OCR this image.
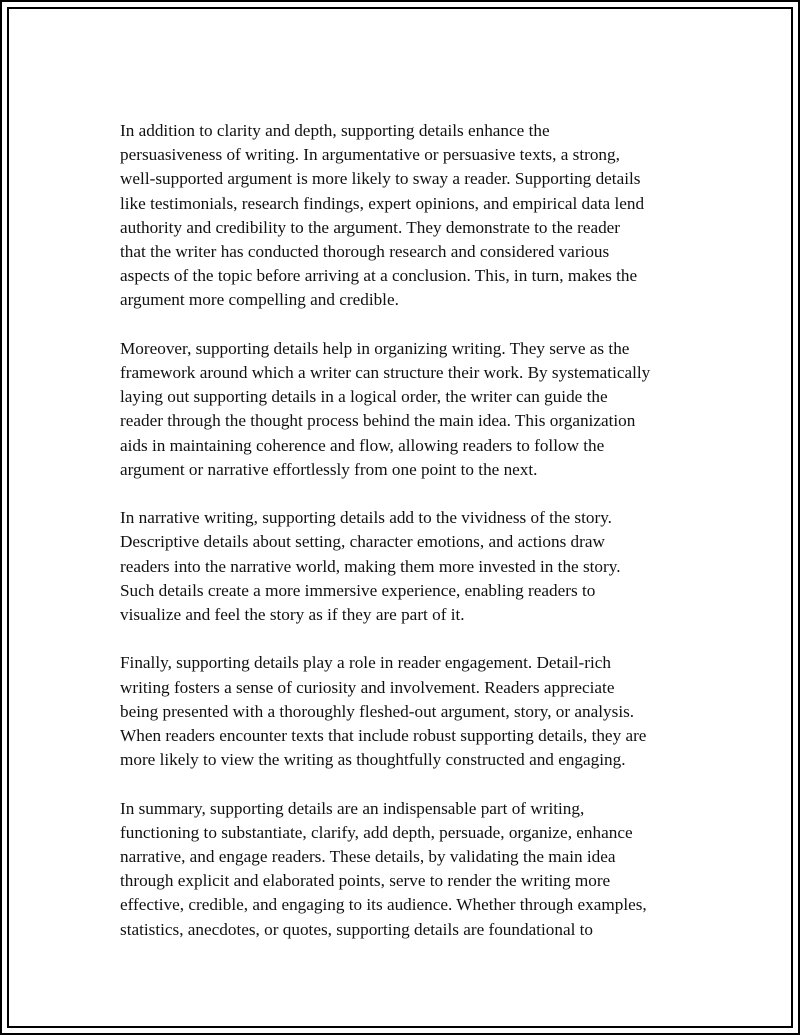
In addition to clarity and depth, supporting details enhance the
persuasiveness of writing. In argumentative or persuasive texts, a strong,
well-supported argument is more likely to sway a reader. Supporting details
like testimonials, research findings, expert opinions, and empirical data lend
authority and credibility to the argument. They demonstrate to the reader
that the writer has conducted thorough research and considered various
aspects of the topic before arriving at a conclusion. This, in turn, makes the
argument more compelling and credible.

Moreover, supporting details help in organizing writing. They serve as the
framework around which a writer can structure their work. By systematically
laying out supporting details in a logical order, the writer can guide the
reader through the thought process behind the main idea. This organization
aids in maintaining coherence and flow, allowing readers to follow the
argument or narrative effortlessly from one point to the next.

In narrative writing, supporting details add to the vividness of the story.
Descriptive details about setting, character emotions, and actions draw
readers into the narrative world, making them more invested in the story.
Such details create a more immersive experience, enabling readers to
visualize and feel the story as if they are part of it.

Finally, supporting details play a role in reader engagement. Detail-rich
writing fosters a sense of curiosity and involvement. Readers appreciate
being presented with a thoroughly fleshed-out argument, story, or analysis.
When readers encounter texts that include robust supporting details, they are
more likely to view the writing as thoughtfully constructed and engaging.

In summary, supporting details are an indispensable part of writing,
functioning to substantiate, clarify, add depth, persuade, organize, enhance
narrative, and engage readers. These details, by validating the main idea
through explicit and elaborated points, serve to render the writing more
effective, credible, and engaging to its audience. Whether through examples,
statistics, anecdotes, or quotes, supporting details are foundational to
